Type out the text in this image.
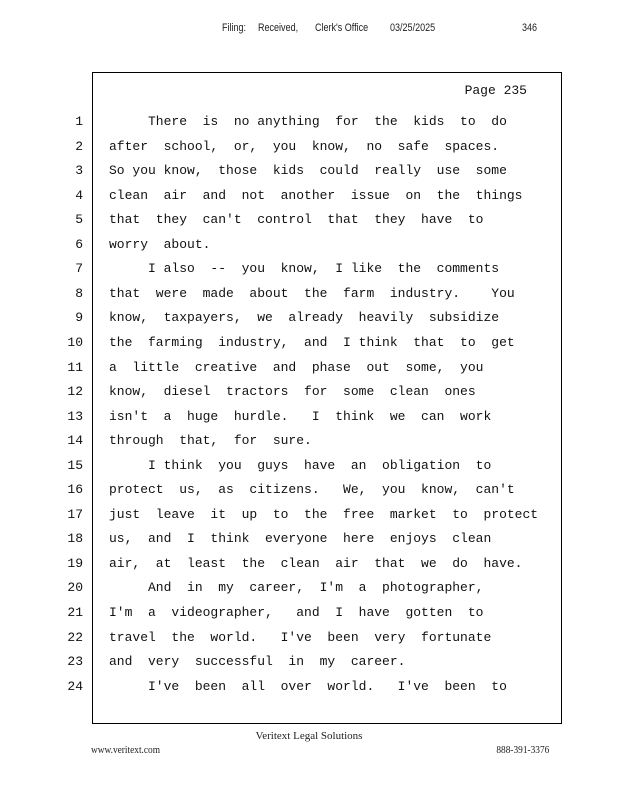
Filing: Received, Clerk's Office 03/25/2025	346
Page 235
1 There  is  no anything  for  the  kids  to  do
2 after  school,  or,  you  know,  no  safe  spaces.
3 So you know,  those  kids  could  really  use  some
4 clean  air  and  not  another  issue  on  the  things
5 that  they  can't  control  that  they  have  to
6 worry  about.
7 I also  --  you  know,  I like  the  comments
8 that  were  made  about  the  farm  industry.    You
9 know,  taxpayers,  we  already  heavily  subsidize
10 the  farming  industry,  and  I think  that  to  get
11 a  little  creative  and  phase  out  some,  you
12 know,  diesel  tractors  for  some  clean  ones
13 isn't  a  huge  hurdle.   I  think  we  can  work
14 through  that,  for  sure.
15 I think  you  guys  have  an  obligation  to
16 protect  us,  as  citizens.   We,  you  know,  can't
17 just  leave  it  up  to  the  free  market  to  protect
18 us,  and  I  think  everyone  here  enjoys  clean
19 air,  at  least  the  clean  air  that  we  do  have.
20 And  in  my  career,  I'm  a  photographer,
21 I'm  a  videographer,   and  I  have  gotten  to
22 travel  the  world.   I've  been  very  fortunate
23 and  very  successful  in  my  career.
24 I've  been  all  over  world.   I've  been  to
Veritext Legal Solutions
www.veritext.com	888-391-3376
